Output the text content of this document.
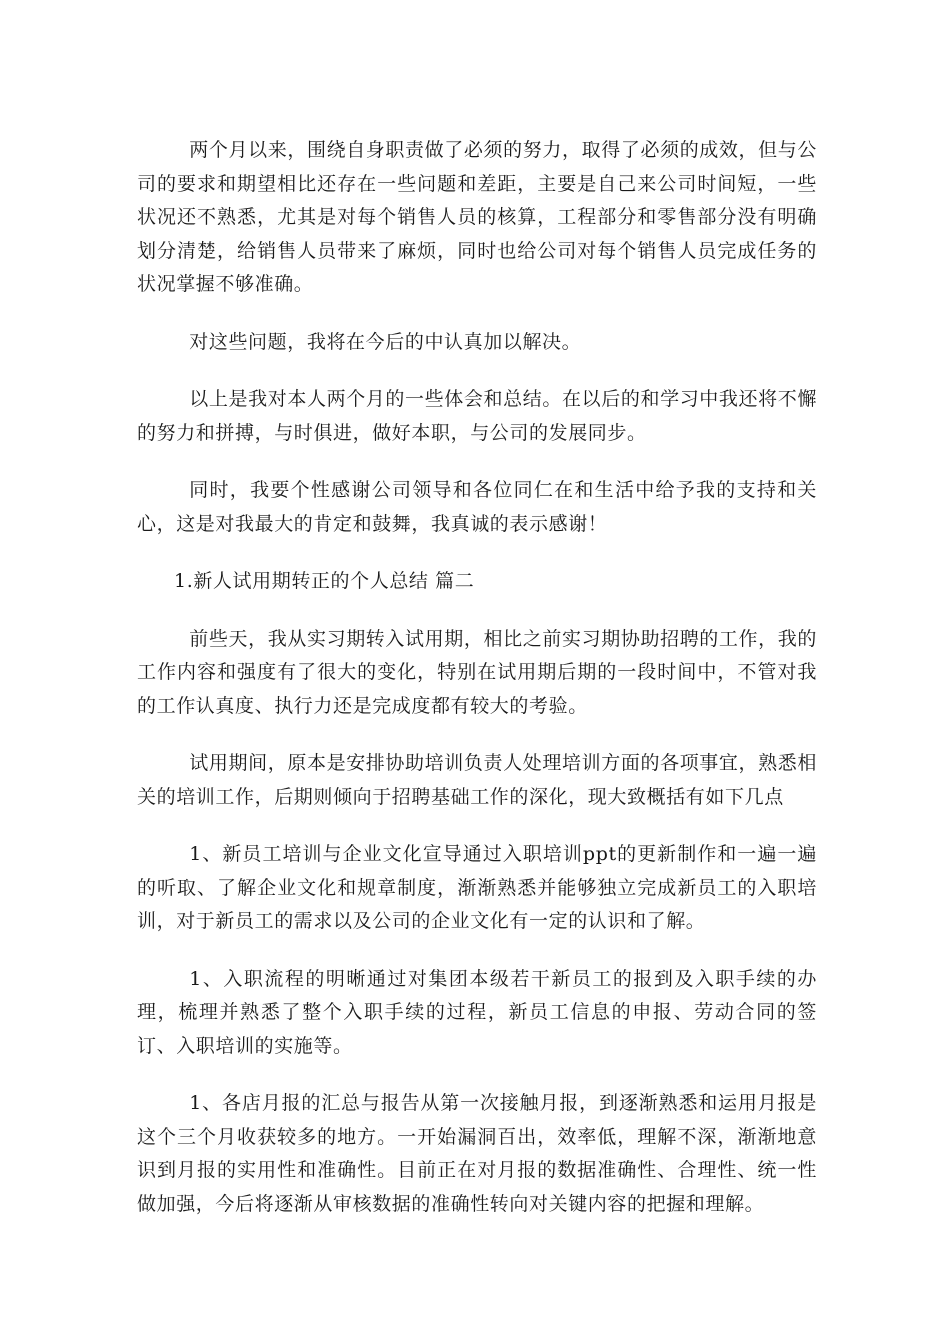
两个月以来，围绕自身职责做了必须的努力，取得了必须的成效，但与公司的要求和期望相比还存在一些问题和差距，主要是自己来公司时间短，一些状况还不熟悉，尤其是对每个销售人员的核算，工程部分和零售部分没有明确划分清楚，给销售人员带来了麻烦，同时也给公司对每个销售人员完成任务的状况掌握不够准确。

对这些问题，我将在今后的中认真加以解决。

以上是我对本人两个月的一些体会和总结。在以后的和学习中我还将不懈的努力和拼搏，与时俱进，做好本职，与公司的发展同步。

同时，我要个性感谢公司领导和各位同仁在和生活中给予我的支持和关心，这是对我最大的肯定和鼓舞，我真诚的表示感谢！

1.新人试用期转正的个人总结 篇二

前些天，我从实习期转入试用期，相比之前实习期协助招聘的工作，我的工作内容和强度有了很大的变化，特别在试用期后期的一段时间中，不管对我的工作认真度、执行力还是完成度都有较大的考验。

试用期间，原本是安排协助培训负责人处理培训方面的各项事宜，熟悉相关的培训工作，后期则倾向于招聘基础工作的深化，现大致概括有如下几点

1、新员工培训与企业文化宣导通过入职培训ppt的更新制作和一遍一遍的听取、了解企业文化和规章制度，渐渐熟悉并能够独立完成新员工的入职培训，对于新员工的需求以及公司的企业文化有一定的认识和了解。

1、入职流程的明晰通过对集团本级若干新员工的报到及入职手续的办理，梳理并熟悉了整个入职手续的过程，新员工信息的申报、劳动合同的签订、入职培训的实施等。

1、各店月报的汇总与报告从第一次接触月报，到逐渐熟悉和运用月报是这个三个月收获较多的地方。一开始漏洞百出，效率低，理解不深，渐渐地意识到月报的实用性和准确性。目前正在对月报的数据准确性、合理性、统一性做加强，今后将逐渐从审核数据的准确性转向对关键内容的把握和理解。
